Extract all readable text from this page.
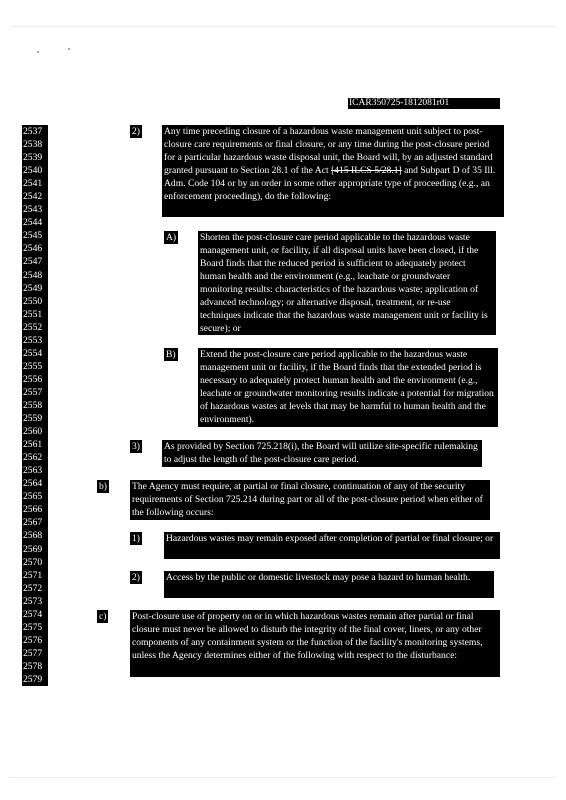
ICAR350725-1812081r01
2537
2538
2539
2540
2541
2542
2543
2544
2545
2546
2547
2548
2549
2550
2551
2552
2553
2554
2555
2556
2557
2558
2559
2560
2561
2562
2563
2564
2565
2566
2567
2568
2569
2570
2571
2572
2573
2574
2575
2576
2577
2578
2579
2)	Any time preceding closure of a hazardous waste management unit subject to post-closure care requirements or final closure, or any time during the post-closure period for a particular hazardous waste disposal unit, the Board will, by an adjusted standard granted pursuant to Section 28.1 of the Act [415 ILCS 5/28.1] and Subpart D of 35 Ill. Adm. Code 104 or by an order in some other appropriate type of proceeding (e.g., an enforcement proceeding), do the following:
A) Shorten the post-closure care period applicable to the hazardous waste management unit, or facility, if all disposal units have been closed, if the Board finds that the reduced period is sufficient to adequately protect human health and the environment (e.g., leachate or groundwater monitoring results: characteristics of the hazardous waste; application of advanced technology; or alternative disposal, treatment, or re-use techniques indicate that the hazardous waste management unit or facility is secure); or
B)	Extend the post-closure care period applicable to the hazardous waste management unit or facility, if the Board finds that the extended period is necessary to adequately protect human health and the environment (e.g., leachate or groundwater monitoring results indicate a potential for migration of hazardous wastes at levels that may be harmful to human health and the environment).
3)	As provided by Section 725.218(i), the Board will utilize site-specific rulemaking to adjust the length of the post-closure care period.
b)	The Agency must require, at partial or final closure, continuation of any of the security requirements of Section 725.214 during part or all of the post-closure period when either of the following occurs:
1)	Hazardous wastes may remain exposed after completion of partial or final closure; or
2)	Access by the public or domestic livestock may pose a hazard to human health.
c)	Post-closure use of property on or in which hazardous wastes remain after partial or final closure must never be allowed to disturb the integrity of the final cover, liners, or any other components of any containment system or the function of the facility's monitoring systems, unless the Agency determines either of the following with respect to the disturbance:
